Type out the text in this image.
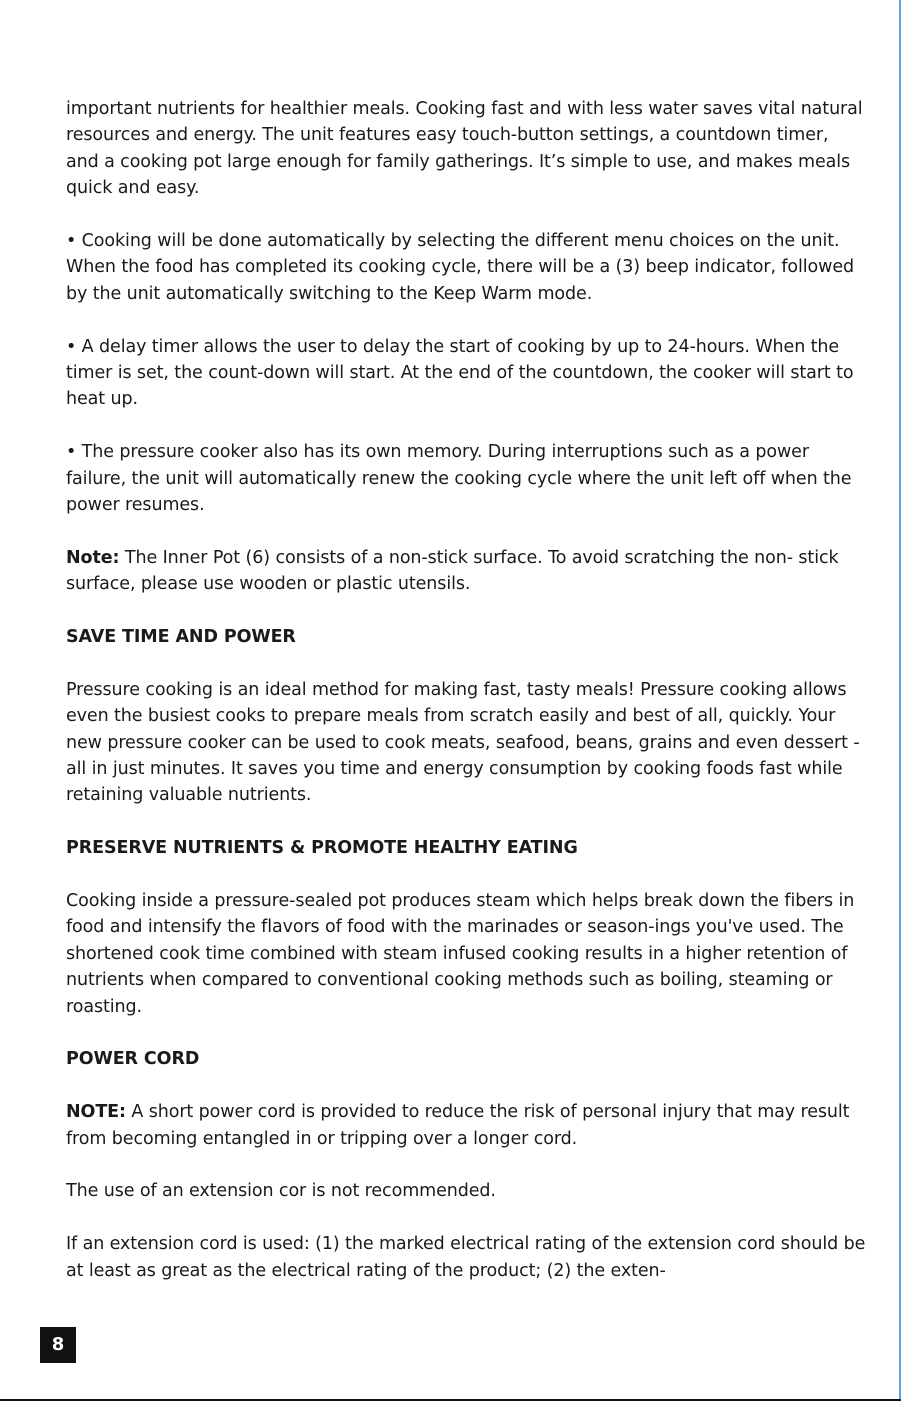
important nutrients for healthier meals. Cooking fast and with less water saves vital natural resources and energy. The unit features easy touch-button settings, a countdown timer, and a cooking pot large enough for family gatherings. It’s simple to use, and makes meals quick and easy.

• Cooking will be done automatically by selecting the different menu choices on the unit. When the food has completed its cooking cycle, there will be a (3) beep indicator, followed by the unit automatically switching to the Keep Warm mode.

• A delay timer allows the user to delay the start of cooking by up to 24-hours. When the timer is set, the count-down will start. At the end of the countdown, the cooker will start to heat up.

• The pressure cooker also has its own memory. During interruptions such as a power failure, the unit will automatically renew the cooking cycle where the unit left off when the power resumes.

Note: The Inner Pot (6) consists of a non-stick surface. To avoid scratching the non- stick surface, please use wooden or plastic utensils.

SAVE TIME AND POWER

Pressure cooking is an ideal method for making fast, tasty meals! Pressure cooking allows even the busiest cooks to prepare meals from scratch easily and best of all, quickly. Your new pressure cooker can be used to cook meats, seafood, beans, grains and even dessert - all in just minutes. It saves you time and energy consumption by cooking foods fast while retaining valuable nutrients.

PRESERVE NUTRIENTS & PROMOTE HEALTHY EATING

Cooking inside a pressure-sealed pot produces steam which helps break down the fibers in food and intensify the flavors of food with the marinades or season-ings you've used. The shortened cook time combined with steam infused cooking results in a higher retention of nutrients when compared to conventional cooking methods such as boiling, steaming or roasting.

POWER CORD

NOTE: A short power cord is provided to reduce the risk of personal injury that may result from becoming entangled in or tripping over a longer cord.

The use of an extension cor is not recommended.

If an extension cord is used: (1) the marked electrical rating of the extension cord should be at least as great as the electrical rating of the product; (2) the exten-

8
